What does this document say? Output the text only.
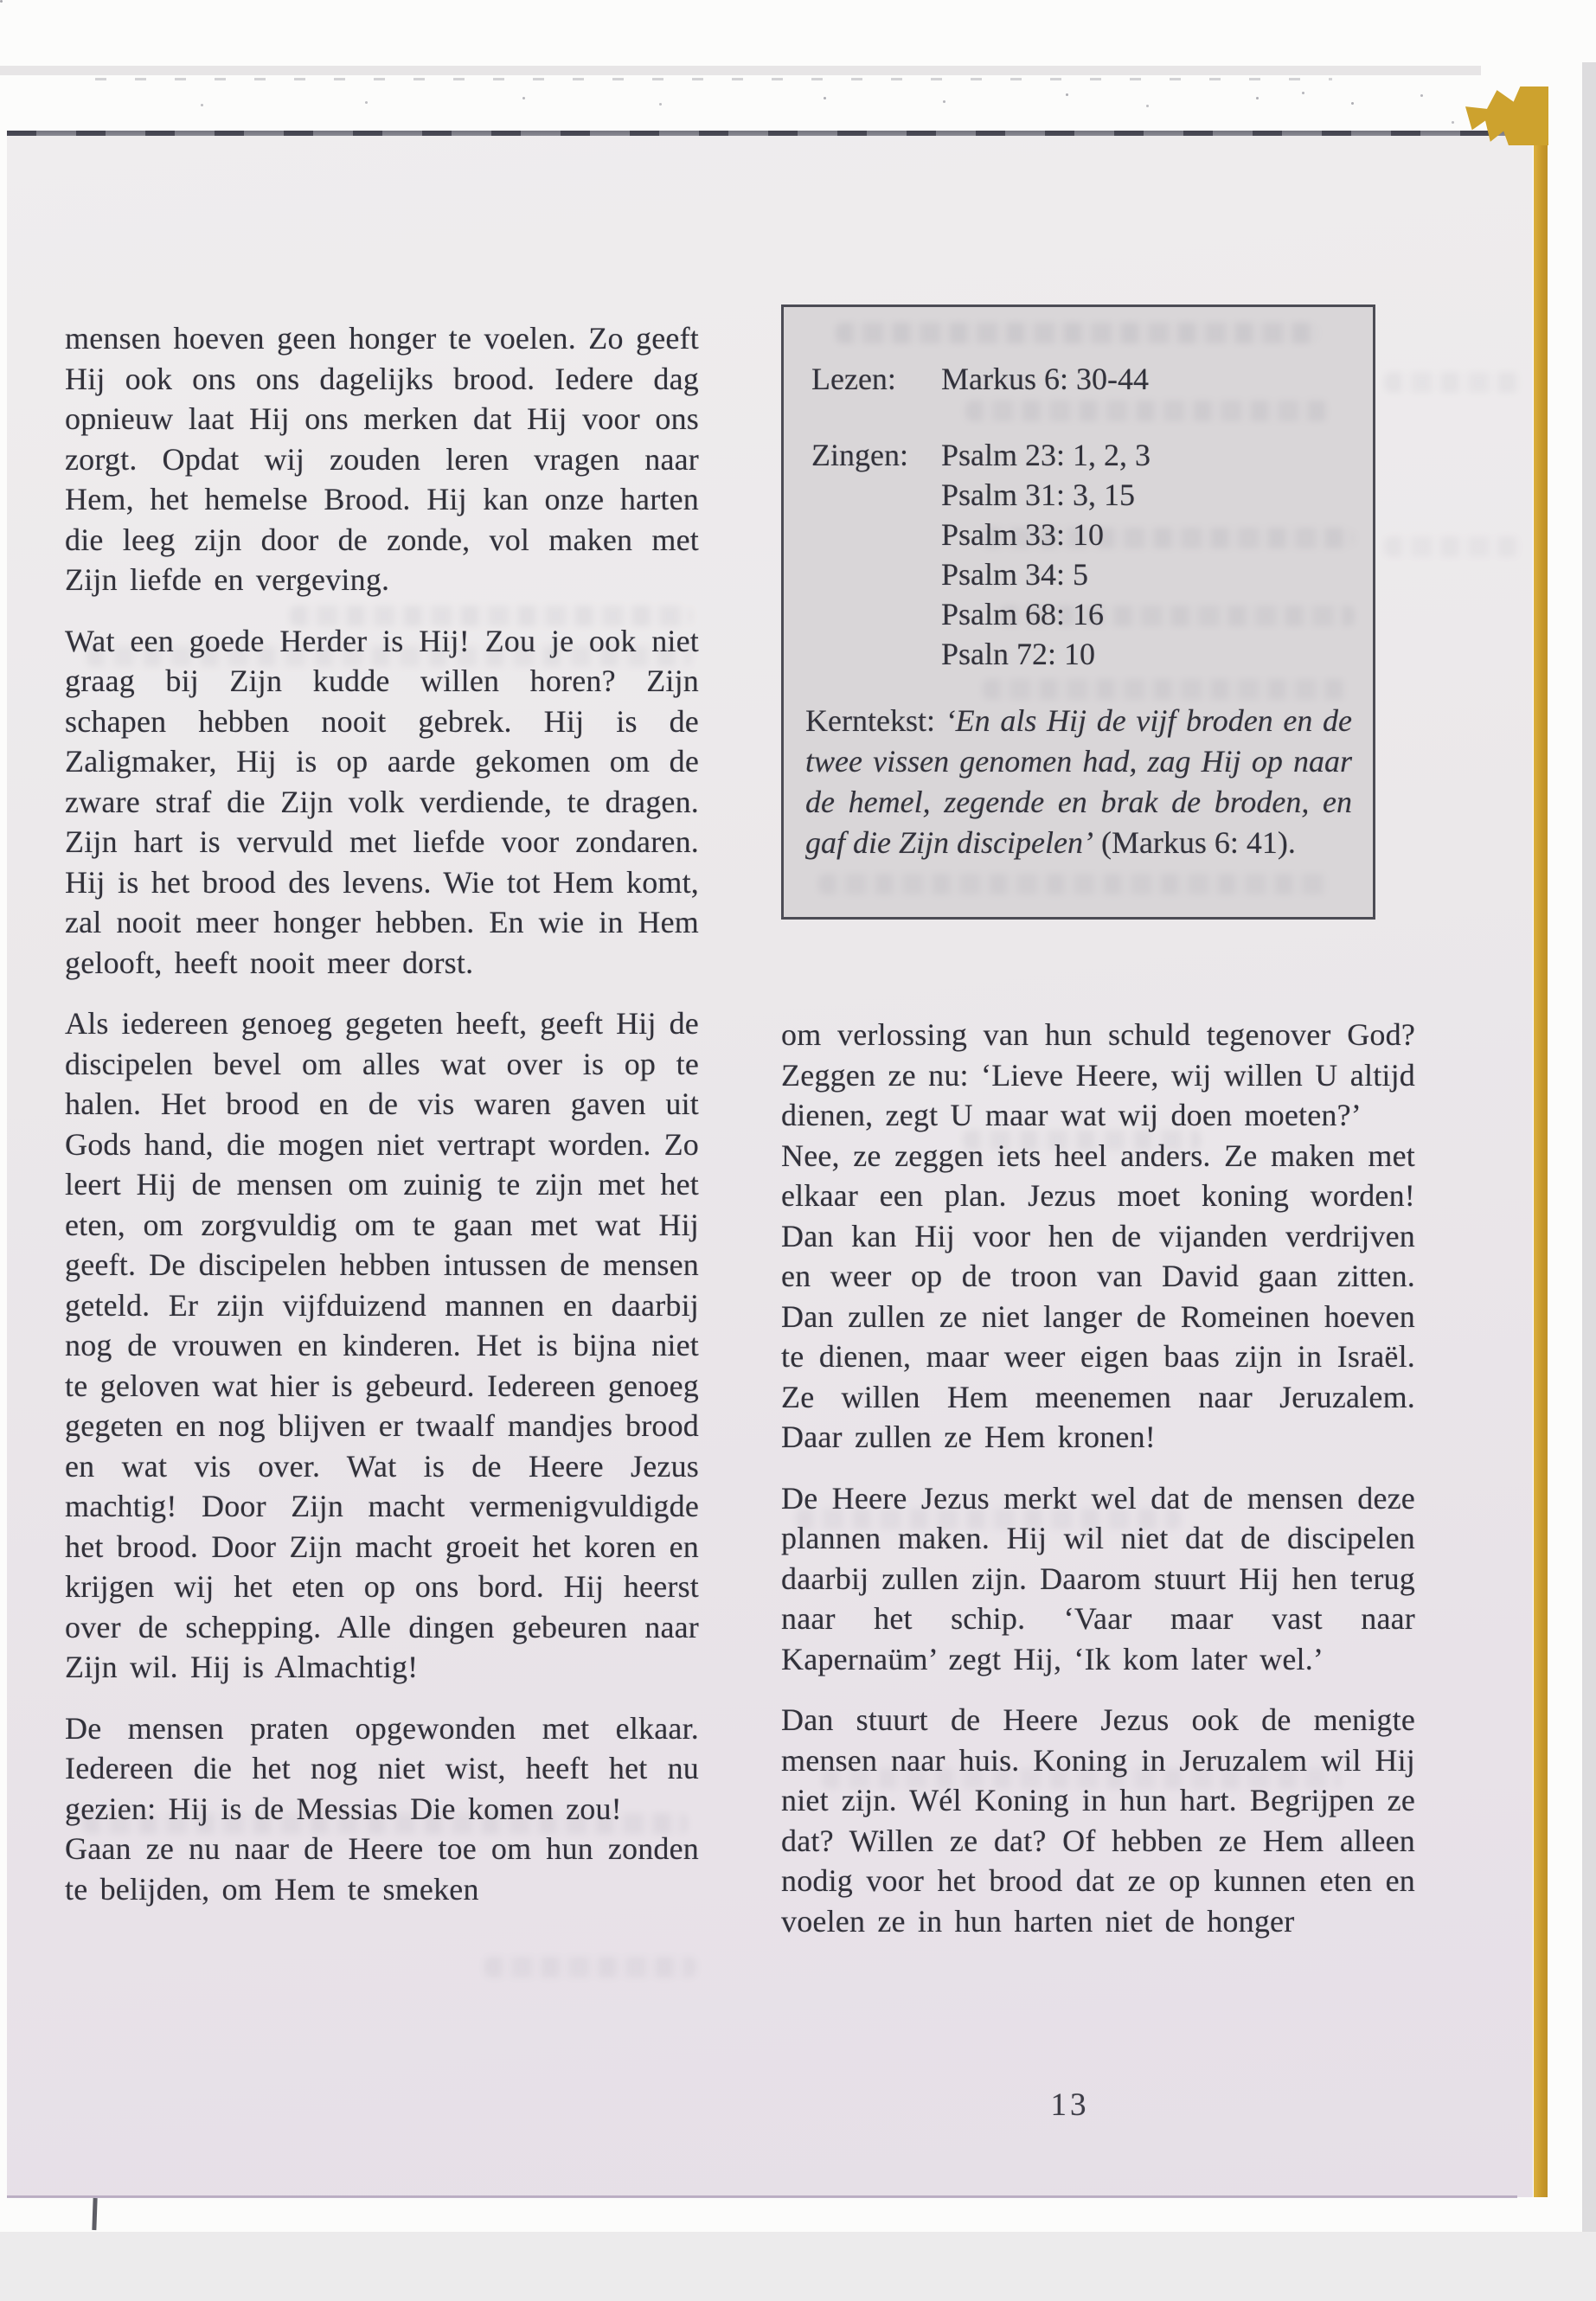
Lezen: Markus 6: 30-44
Zingen: Psalm 23: 1, 2, 3
Psalm 31: 3, 15
Psalm 33: 10
Psalm 34: 5
Psalm 68: 16
Psaln 72: 10
Kerntekst: ‘En als Hij de vijf broden en de twee vissen genomen had, zag Hij op naar de hemel, zegende en brak de broden, en gaf die Zijn discipelen’ (Markus 6: 41).

mensen hoeven geen honger te voelen. Zo geeft Hij ook ons ons dagelijks brood. Iedere dag opnieuw laat Hij ons merken dat Hij voor ons zorgt. Opdat wij zouden leren vragen naar Hem, het hemelse Brood. Hij kan onze harten die leeg zijn door de zonde, vol maken met Zijn liefde en vergeving.

Wat een goede Herder is Hij! Zou je ook niet graag bij Zijn kudde willen horen? Zijn schapen hebben nooit gebrek. Hij is de Zaligmaker, Hij is op aarde gekomen om de zware straf die Zijn volk verdiende, te dragen. Zijn hart is vervuld met liefde voor zondaren. Hij is het brood des levens. Wie tot Hem komt, zal nooit meer honger hebben. En wie in Hem gelooft, heeft nooit meer dorst.

Als iedereen genoeg gegeten heeft, geeft Hij de discipelen bevel om alles wat over is op te halen. Het brood en de vis waren gaven uit Gods hand, die mogen niet vertrapt worden. Zo leert Hij de mensen om zuinig te zijn met het eten, om zorgvuldig om te gaan met wat Hij geeft. De discipelen hebben intussen de mensen geteld. Er zijn vijfduizend mannen en daarbij nog de vrouwen en kinderen. Het is bijna niet te geloven wat hier is gebeurd. Iedereen genoeg gegeten en nog blijven er twaalf mandjes brood en wat vis over. Wat is de Heere Jezus machtig! Door Zijn macht vermenigvuldigde het brood. Door Zijn macht groeit het koren en krijgen wij het eten op ons bord. Hij heerst over de schepping. Alle dingen gebeuren naar Zijn wil. Hij is Almachtig!

De mensen praten opgewonden met elkaar. Iedereen die het nog niet wist, heeft het nu gezien: Hij is de Messias Die komen zou!

Gaan ze nu naar de Heere toe om hun zonden te belijden, om Hem te smeken

om verlossing van hun schuld tegenover God? Zeggen ze nu: ‘Lieve Heere, wij willen U altijd dienen, zegt U maar wat wij doen moeten?’

Nee, ze zeggen iets heel anders. Ze maken met elkaar een plan. Jezus moet koning worden! Dan kan Hij voor hen de vijanden verdrijven en weer op de troon van David gaan zitten. Dan zullen ze niet langer de Romeinen hoeven te dienen, maar weer eigen baas zijn in Israël. Ze willen Hem meenemen naar Jeruzalem. Daar zullen ze Hem kronen!

De Heere Jezus merkt wel dat de mensen deze plannen maken. Hij wil niet dat de discipelen daarbij zullen zijn. Daarom stuurt Hij hen terug naar het schip. ‘Vaar maar vast naar Kapernaüm’ zegt Hij, ‘Ik kom later wel.’

Dan stuurt de Heere Jezus ook de menigte mensen naar huis. Koning in Jeruzalem wil Hij niet zijn. Wél Koning in hun hart. Begrijpen ze dat? Willen ze dat? Of hebben ze Hem alleen nodig voor het brood dat ze op kunnen eten en voelen ze in hun harten niet de honger

13
